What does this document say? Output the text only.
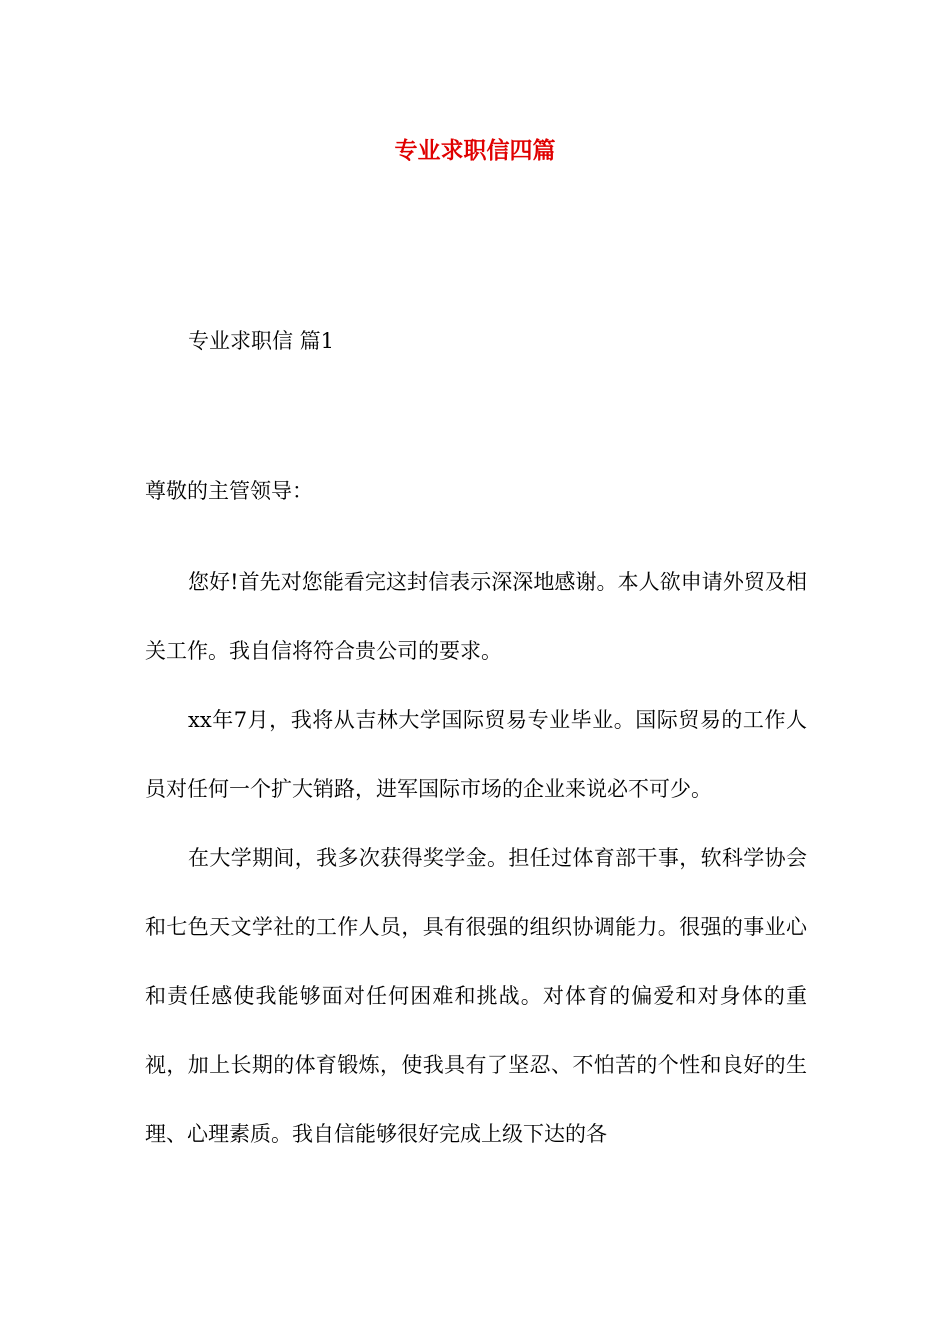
专业求职信四篇

专业求职信 篇1

尊敬的主管领导：

您好!首先对您能看完这封信表示深深地感谢。本人欲申请外贸及相关工作。我自信将符合贵公司的要求。

xx年7月，我将从吉林大学国际贸易专业毕业。国际贸易的工作人员对任何一个扩大销路，进军国际市场的企业来说必不可少。

在大学期间，我多次获得奖学金。担任过体育部干事，软科学协会和七色天文学社的工作人员，具有很强的组织协调能力。很强的事业心和责任感使我能够面对任何困难和挑战。对体育的偏爱和对身体的重视，加上长期的体育锻炼，使我具有了坚忍、不怕苦的个性和良好的生理、心理素质。我自信能够很好完成上级下达的各
